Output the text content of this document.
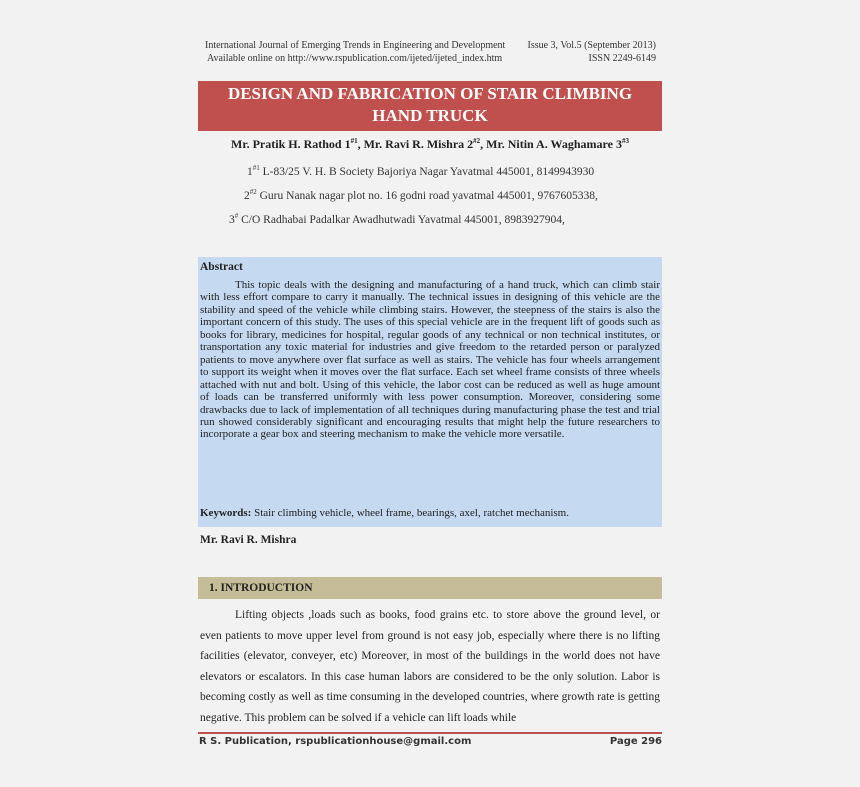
International Journal of Emerging Trends in Engineering and Development
Available online on http://www.rspublication.com/ijeted/ijeted_index.htm
Issue 3, Vol.5 (September 2013)
ISSN 2249-6149
DESIGN AND FABRICATION OF STAIR CLIMBING
HAND TRUCK
Mr. Pratik H. Rathod 1$^{\#1}$, Mr. Ravi R. Mishra 2$^{\#2}$, Mr. Nitin A. Waghamare 3$^{\#3}$
1$^{\#1}$ L-83/25 V. H. B Society Bajoriya Nagar Yavatmal 445001, 8149943930
2$^{\#2}$ Guru Nanak nagar plot no. 16 godni road yavatmal 445001, 9767605338,
3# C/O Radhabai Padalkar Awadhutwadi Yavatmal 445001, 8983927904,
Abstract
This topic deals with the designing and manufacturing of a hand truck, which can climb stair with less effort compare to carry it manually. The technical issues in designing of this vehicle are the stability and speed of the vehicle while climbing stairs. However, the steepness of the stairs is also the important concern of this study. The uses of this special vehicle are in the frequent lift of goods such as books for library, medicines for hospital, regular goods of any technical or non technical institutes, or transportation any toxic material for industries and give freedom to the retarded person or paralyzed patients to move anywhere over flat surface as well as stairs. The vehicle has four wheels arrangement to support its weight when it moves over the flat surface. Each set wheel frame consists of three wheels attached with nut and bolt. Using of this vehicle, the labor cost can be reduced as well as huge amount of loads can be transferred uniformly with less power consumption. Moreover, considering some drawbacks due to lack of implementation of all techniques during manufacturing phase the test and trial run showed considerably significant and encouraging results that might help the future researchers to incorporate a gear box and steering mechanism to make the vehicle more versatile.
Keywords: Stair climbing vehicle, wheel frame, bearings, axel, ratchet mechanism.
Mr. Ravi R. Mishra
1. INTRODUCTION
Lifting objects ,loads such as books, food grains etc. to store above the ground level, or even patients to move upper level from ground is not easy job, especially where there is no lifting facilities (elevator, conveyer, etc) Moreover, in most of the buildings in the world does not have elevators or escalators. In this case human labors are considered to be the only solution. Labor is becoming costly as well as time consuming in the developed countries, where growth rate is getting negative. This problem can be solved if a vehicle can lift loads while
R S. Publication, rspublicationhouse@gmail.com	Page 296
